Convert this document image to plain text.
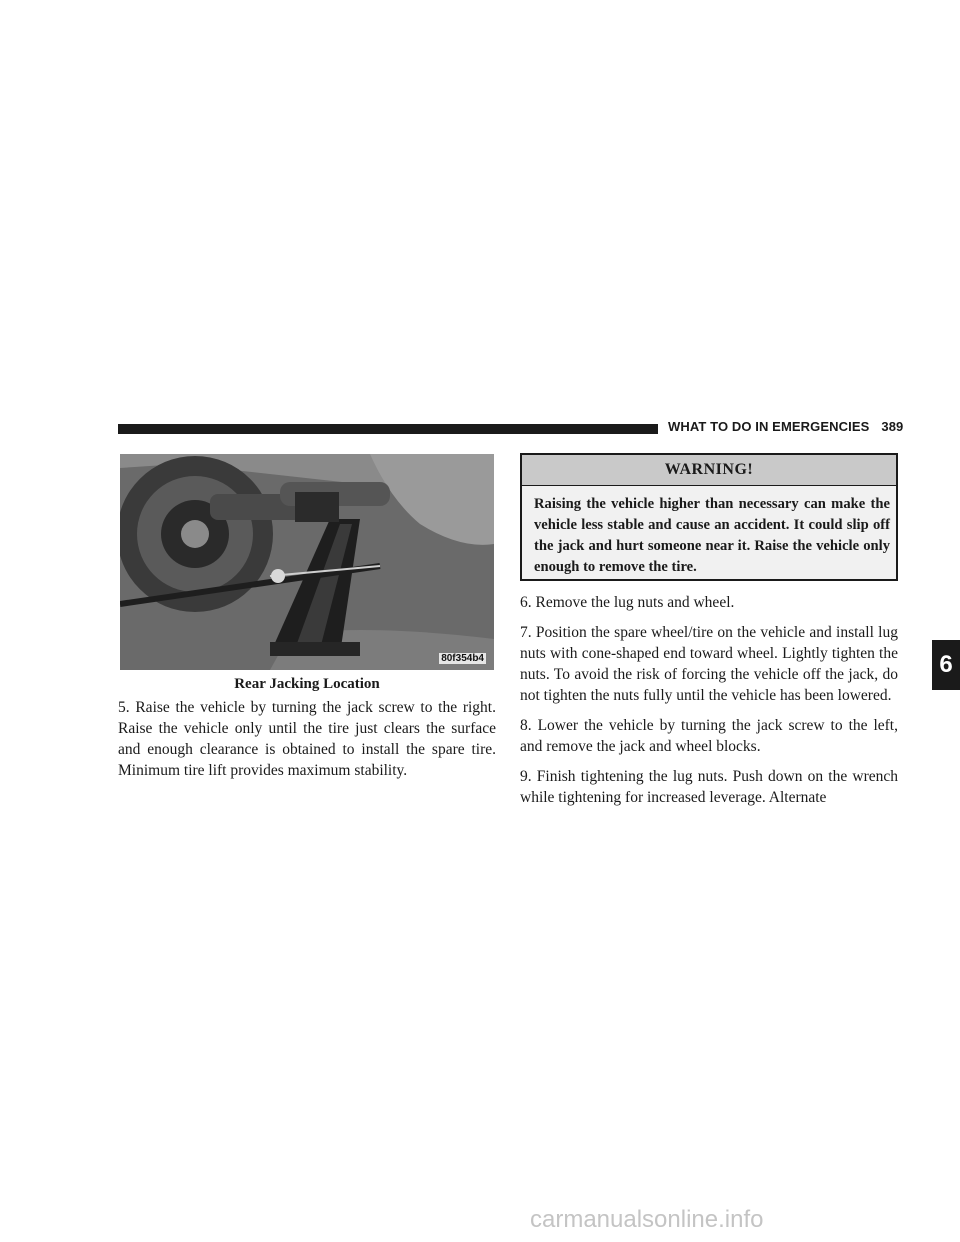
WHAT TO DO IN EMERGENCIES 389
80f354b4
Rear Jacking Location

5. Raise the vehicle by turning the jack screw to the right. Raise the vehicle only until the tire just clears the surface and enough clearance is obtained to install the spare tire. Minimum tire lift provides maximum stability.

WARNING!

Raising the vehicle higher than necessary can make the vehicle less stable and cause an accident. It could slip off the jack and hurt someone near it. Raise the vehicle only enough to remove the tire.

6. Remove the lug nuts and wheel.

7. Position the spare wheel/tire on the vehicle and install lug nuts with cone-shaped end toward wheel. Lightly tighten the nuts. To avoid the risk of forcing the vehicle off the jack, do not tighten the nuts fully until the vehicle has been lowered.

8. Lower the vehicle by turning the jack screw to the left, and remove the jack and wheel blocks.

9. Finish tightening the lug nuts. Push down on the wrench while tightening for increased leverage. Alternate

6
carmanualsonline.info
